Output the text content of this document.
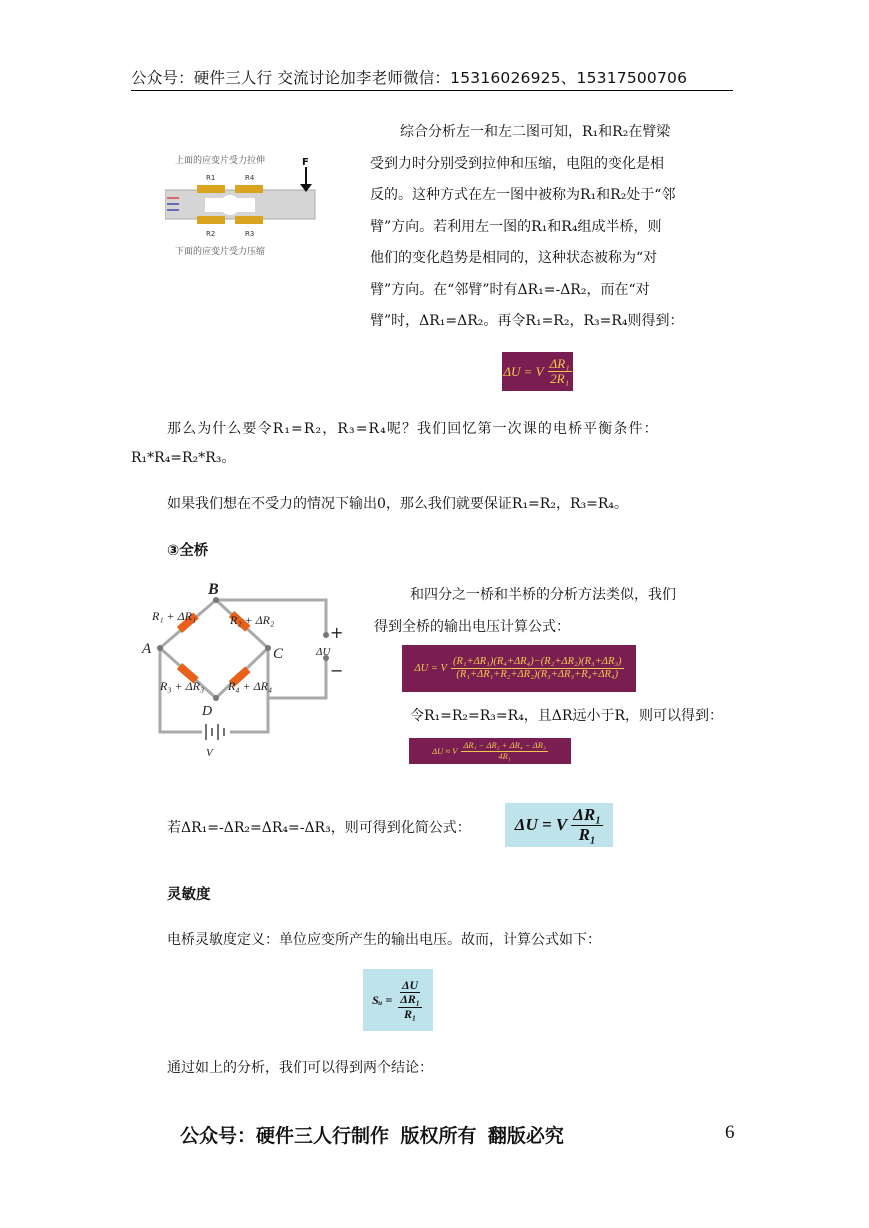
公众号：硬件三人行 交流讨论加李老师微信：15316026925、15317500706
上面的应变片受力拉伸
R1	R4
F
R2	R3
下面的应变片受力压缩
综合分析左一和左二图可知，R₁和R₂在臂梁
受到力时分别受到拉伸和压缩，电阻的变化是相
反的。这种方式在左一图中被称为R₁和R₂处于“邻
臂”方向。若利用左一图的R₁和R₄组成半桥，则
他们的变化趋势是相同的，这种状态被称为“对
臂”方向。在“邻臂”时有ΔR₁=-ΔR₂，而在“对
臂”时，ΔR₁=ΔR₂。再令R₁=R₂，R₃=R₄则得到：
ΔU = V $\frac{\text{ΔR₁}}{\text{2R₁}}$
那么为什么要令R₁=R₂，R₃=R₄呢？我们回忆第一次课的电桥平衡条件：
R₁*R₄=R₂*R₃。
如果我们想在不受力的情况下输出0，那么我们就要保证R₁=R₂，R₃=R₄。
③全桥
B
A	C
D
V
R₁ + ΔR₁	R₂ + ΔR₂
R₃ + ΔR₃ R₄ + ΔR₄
ΔU
+
−
和四分之一桥和半桥的分析方法类似，我们
得到全桥的输出电压计算公式：
ΔU = V $\frac{\text{(R₁+ΔR₁)(R₄+ΔR₄)−(R₂+ΔR₂)(R₃+ΔR₃)}}{\text{(R₁+ΔR₁+R₂+ΔR₂)(R₃+ΔR₃+R₄+ΔR₄)}}$
令R₁=R₂=R₃=R₄，且ΔR远小于R，则可以得到：
ΔU ≈ V $\frac{\text{ΔR₁ − ΔR₂ + ΔR₄ − ΔR₃}}{\text{4R₁}}$
若ΔR₁=-ΔR₂=ΔR₄=-ΔR₃，则可得到化简公式：	ΔU = V $\frac{\text{ΔR₁}}{\text{R₁}}$
灵敏度
电桥灵敏度定义：单位应变所产生的输出电压。故而，计算公式如下：
Sᵤ = $\frac{\Delta U}{\frac{\text{ΔR₁}}{\text{R₁}}}$
通过如上的分析，我们可以得到两个结论：
公众号：硬件三人行制作 版权所有 翻版必究	6
